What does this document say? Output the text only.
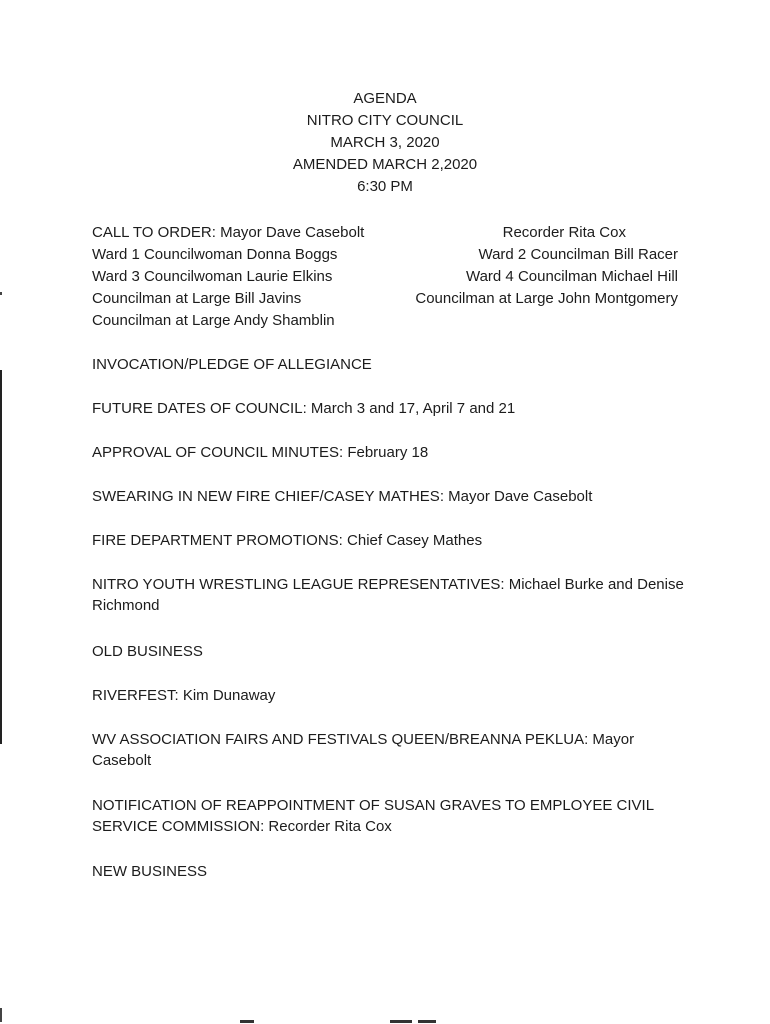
AGENDA
NITRO CITY COUNCIL
MARCH 3, 2020
AMENDED MARCH 2,2020
6:30 PM
CALL TO ORDER: Mayor Dave Casebolt	Recorder Rita Cox
Ward 1 Councilwoman Donna Boggs	Ward 2 Councilman Bill Racer
Ward 3 Councilwoman Laurie Elkins	Ward 4 Councilman Michael Hill
Councilman at Large Bill Javins	Councilman at Large John Montgomery
Councilman at Large Andy Shamblin
INVOCATION/PLEDGE OF ALLEGIANCE
FUTURE DATES OF COUNCIL: March 3 and 17, April 7 and 21
APPROVAL OF COUNCIL MINUTES: February 18
SWEARING IN NEW FIRE CHIEF/CASEY MATHES: Mayor Dave Casebolt
FIRE DEPARTMENT PROMOTIONS: Chief Casey Mathes
NITRO YOUTH WRESTLING LEAGUE REPRESENTATIVES: Michael Burke and Denise
Richmond
OLD BUSINESS
RIVERFEST: Kim Dunaway
WV ASSOCIATION FAIRS AND FESTIVALS QUEEN/BREANNA PEKLUA: Mayor
Casebolt
NOTIFICATION OF REAPPOINTMENT OF SUSAN GRAVES TO EMPLOYEE CIVIL
SERVICE COMMISSION: Recorder Rita Cox
NEW BUSINESS
